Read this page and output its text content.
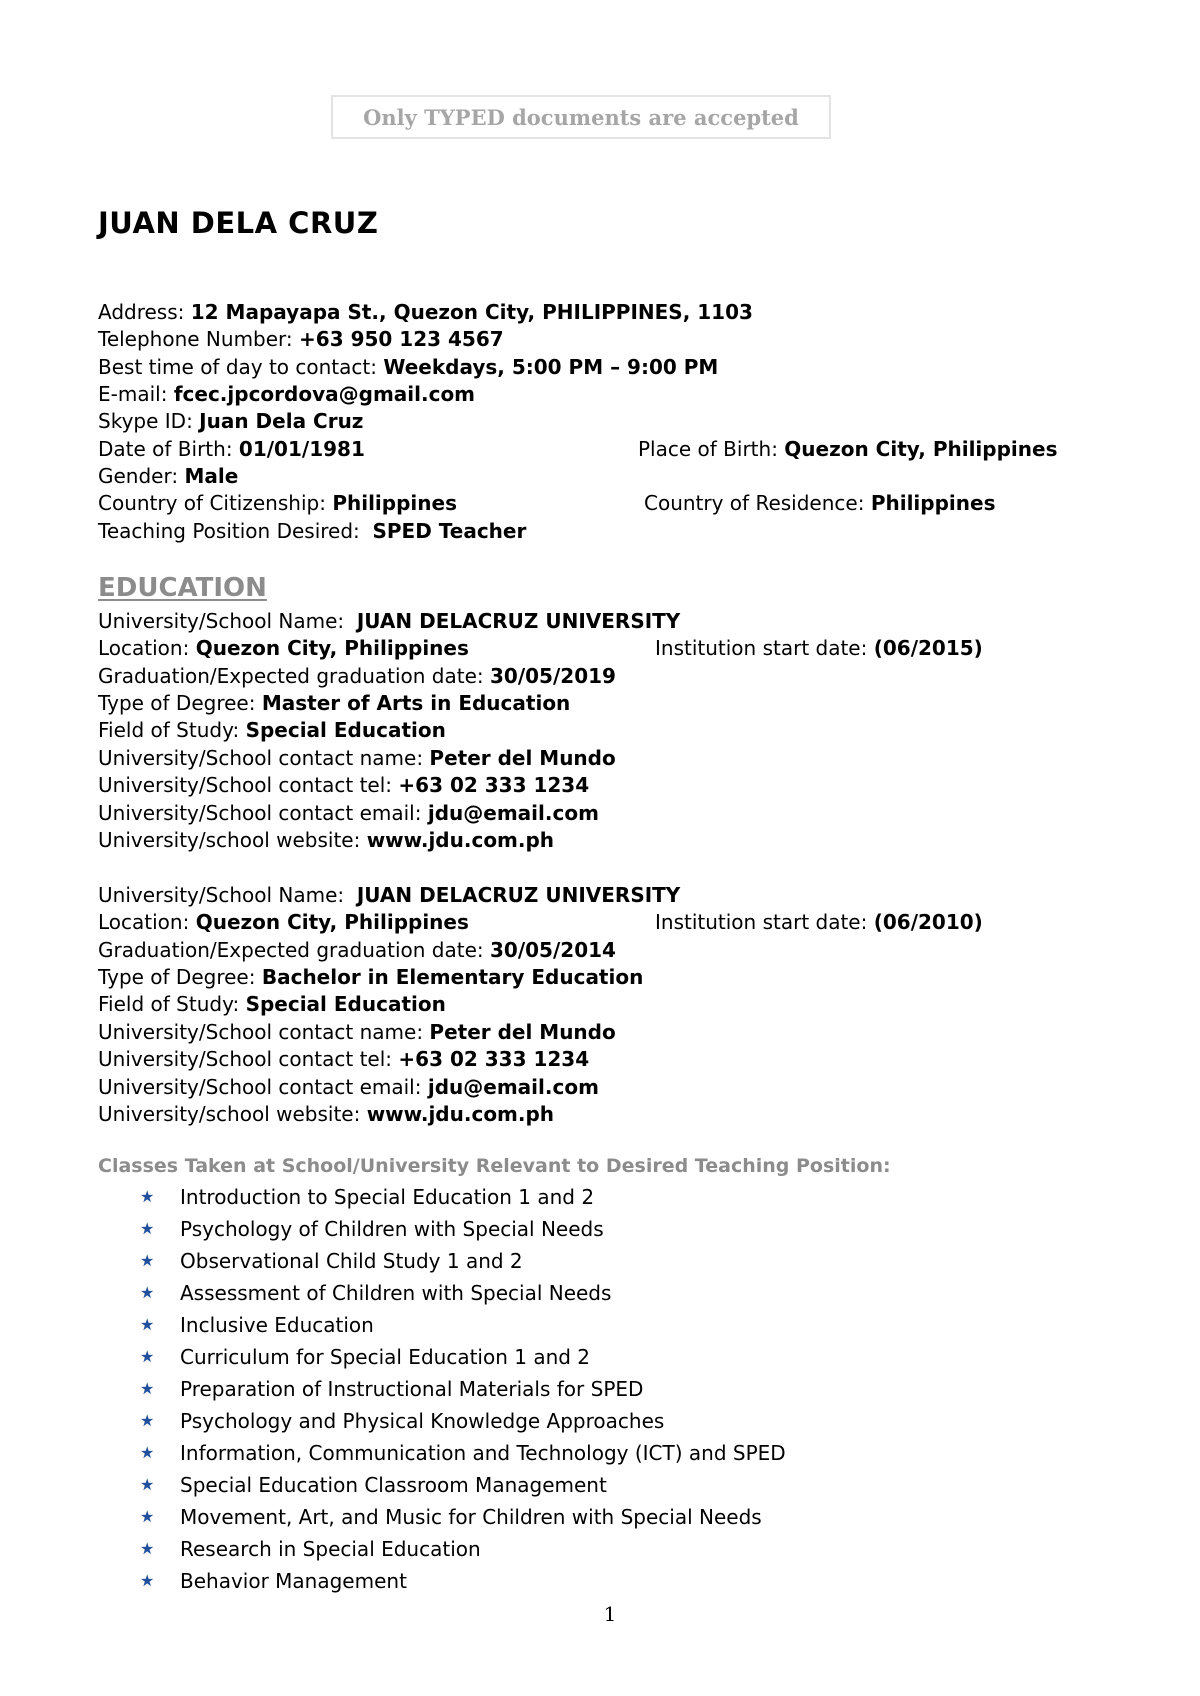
Only TYPED documents are accepted
JUAN DELA CRUZ
Address: 12 Mapayapa St., Quezon City, PHILIPPINES, 1103
Telephone Number: +63 950 123 4567
Best time of day to contact: Weekdays, 5:00 PM – 9:00 PM
E-mail: fcec.jpcordova@gmail.com
Skype ID: Juan Dela Cruz
Date of Birth: 01/01/1981	Place of Birth: Quezon City, Philippines
Gender: Male
Country of Citizenship: Philippines	Country of Residence: Philippines
Teaching Position Desired:  SPED Teacher
EDUCATION
University/School Name:  JUAN DELACRUZ UNIVERSITY
Location: Quezon City, Philippines	Institution start date: (06/2015)
Graduation/Expected graduation date: 30/05/2019
Type of Degree: Master of Arts in Education
Field of Study: Special Education
University/School contact name: Peter del Mundo
University/School contact tel: +63 02 333 1234
University/School contact email: jdu@email.com
University/school website: www.jdu.com.ph
University/School Name:  JUAN DELACRUZ UNIVERSITY
Location: Quezon City, Philippines	Institution start date: (06/2010)
Graduation/Expected graduation date: 30/05/2014
Type of Degree: Bachelor in Elementary Education
Field of Study: Special Education
University/School contact name: Peter del Mundo
University/School contact tel: +63 02 333 1234
University/School contact email: jdu@email.com
University/school website: www.jdu.com.ph
Classes Taken at School/University Relevant to Desired Teaching Position:
★	Introduction to Special Education 1 and 2
★	Psychology of Children with Special Needs
★	Observational Child Study 1 and 2
★	Assessment of Children with Special Needs
★	Inclusive Education
★	Curriculum for Special Education 1 and 2
★	Preparation of Instructional Materials for SPED
★	Psychology and Physical Knowledge Approaches
★	Information, Communication and Technology (ICT) and SPED
★	Special Education Classroom Management
★	Movement, Art, and Music for Children with Special Needs
★	Research in Special Education
★	Behavior Management
1
